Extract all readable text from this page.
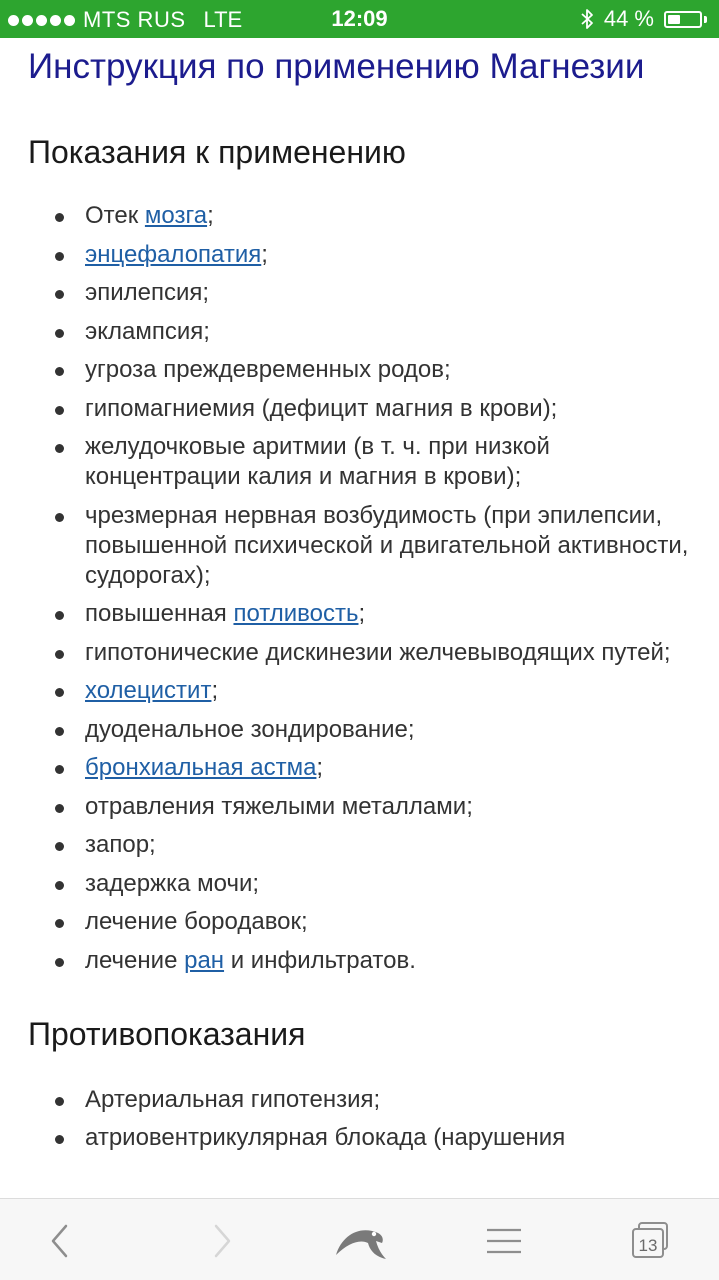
MTS RUS LTE	12:09	44 %
Инструкция по применению Магнезии
Показания к применению
Отек мозга;
энцефалопатия;
эпилепсия;
эклампсия;
угроза преждевременных родов;
гипомагниемия (дефицит магния в крови);
желудочковые аритмии (в т. ч. при низкой концентрации калия и магния в крови);
чрезмерная нервная возбудимость (при эпилепсии, повышенной психической и двигательной активности, судорогах);
повышенная потливость;
гипотонические дискинезии желчевыводящих путей;
холецистит;
дуоденальное зондирование;
бронхиальная астма;
отравления тяжелыми металлами;
запор;
задержка мочи;
лечение бородавок;
лечение ран и инфильтратов.
Противопоказания
Артериальная гипотензия;
атриовентрикулярная блокада (нарушения
13
